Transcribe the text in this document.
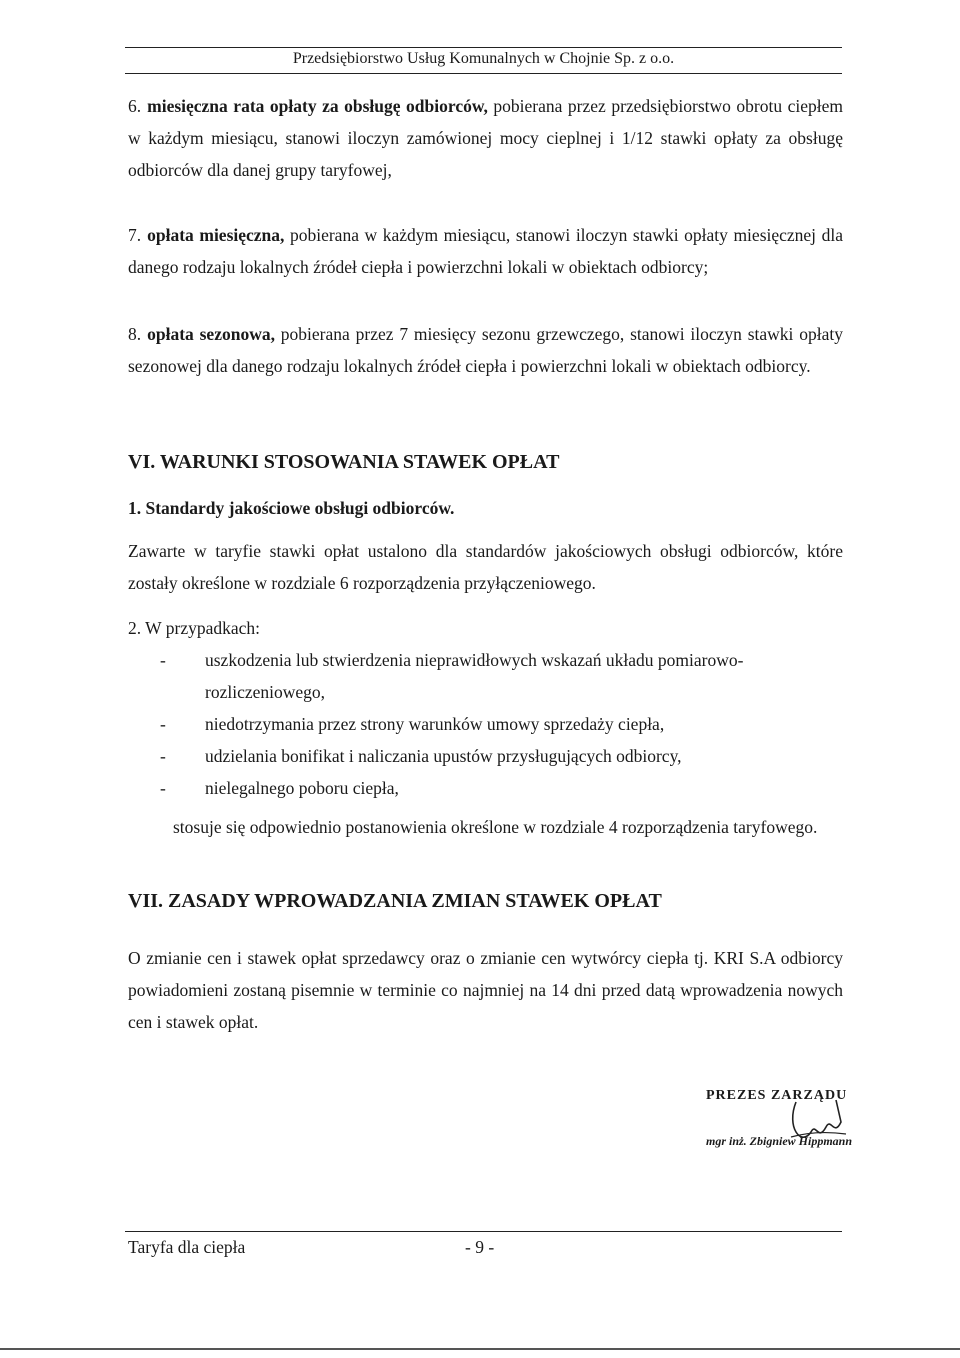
Przedsiębiorstwo Usług Komunalnych w Chojnie Sp. z o.o.
6. miesięczna rata opłaty za obsługę odbiorców, pobierana przez przedsiębiorstwo obrotu ciepłem w każdym miesiącu, stanowi iloczyn zamówionej mocy cieplnej i 1/12 stawki opłaty za obsługę odbiorców dla danej grupy taryfowej,
7. opłata miesięczna, pobierana w każdym miesiącu, stanowi iloczyn stawki opłaty miesięcznej dla danego rodzaju lokalnych źródeł ciepła i powierzchni lokali w obiektach odbiorcy;
8. opłata sezonowa, pobierana przez 7 miesięcy sezonu grzewczego, stanowi iloczyn stawki opłaty sezonowej dla danego rodzaju lokalnych źródeł ciepła i powierzchni lokali w obiektach odbiorcy.
VI. WARUNKI STOSOWANIA STAWEK OPŁAT
1. Standardy jakościowe obsługi odbiorców.
Zawarte w taryfie stawki opłat ustalono dla standardów jakościowych obsługi odbiorców, które zostały określone w rozdziale 6 rozporządzenia przyłączeniowego.
2. W przypadkach:
-	uszkodzenia lub stwierdzenia nieprawidłowych wskazań układu pomiarowo-rozliczeniowego,
-	niedotrzymania przez strony warunków umowy sprzedaży ciepła,
-	udzielania bonifikat i naliczania upustów przysługujących odbiorcy,
-	nielegalnego poboru ciepła,
stosuje się odpowiednio postanowienia określone w rozdziale 4 rozporządzenia taryfowego.
VII. ZASADY WPROWADZANIA ZMIAN STAWEK OPŁAT
O zmianie cen i stawek opłat sprzedawcy oraz o zmianie cen wytwórcy ciepła tj. KRI S.A odbiorcy powiadomieni zostaną pisemnie w terminie co najmniej na 14 dni przed datą wprowadzenia nowych cen i stawek opłat.
PREZES ZARZĄDU
mgr inż. Zbigniew Hippmann
Taryfa dla ciepła	- 9 -
